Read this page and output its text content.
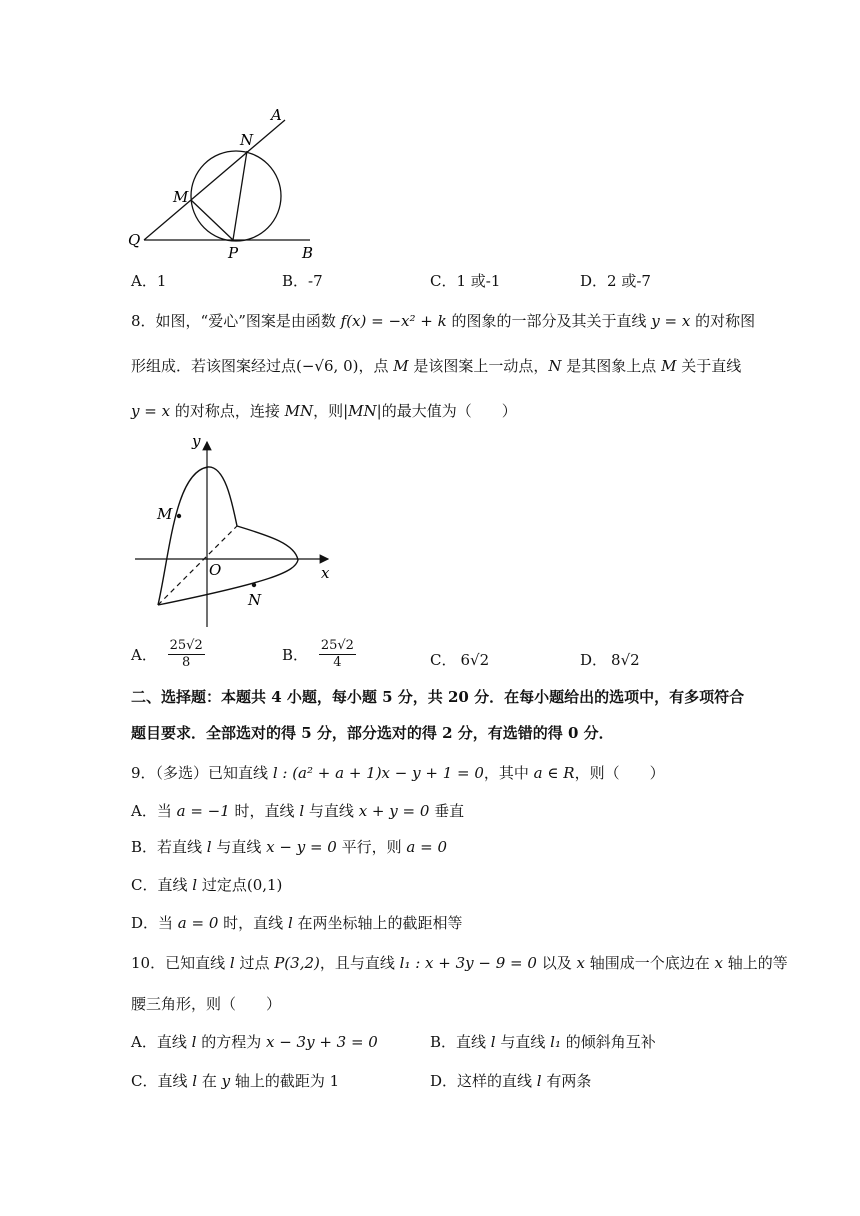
A
N
M
Q
P	B
A．1	B．-7	C．1 或-1	D．2 或-7
8．如图，“爱心”图案是由函数 f(x) = −x² + k 的图象的一部分及其关于直线 y = x 的对称图
形组成．若该图案经过点(−√6, 0)，点 M 是该图案上一动点，N 是其图象上点 M 关于直线
y = x 的对称点，连接 MN，则|MN|的最大值为（　　）
y
x
O
M
N
A． $\frac{25√2}{8}$	B． $\frac{25√2}{4}$	C． 6√2	D． 8√2
二、选择题：本题共 4 小题，每小题 5 分，共 20 分．在每小题给出的选项中，有多项符合
题目要求．全部选对的得 5 分，部分选对的得 2 分，有选错的得 0 分．
9．（多选）已知直线 l : (a² + a + 1)x − y + 1 = 0，其中 a ∈ R，则（　　）
A．当 a = −1 时，直线 l 与直线 x + y = 0 垂直
B．若直线 l 与直线 x − y = 0 平行，则 a = 0
C．直线 l 过定点(0,1)
D．当 a = 0 时，直线 l 在两坐标轴上的截距相等
10．已知直线 l 过点 P(3,2)，且与直线 l₁ : x + 3y − 9 = 0 以及 x 轴围成一个底边在 x 轴上的等
腰三角形，则（　　）
A．直线 l 的方程为 x − 3y + 3 = 0	B．直线 l 与直线 l₁ 的倾斜角互补
C．直线 l 在 y 轴上的截距为 1	D．这样的直线 l 有两条
